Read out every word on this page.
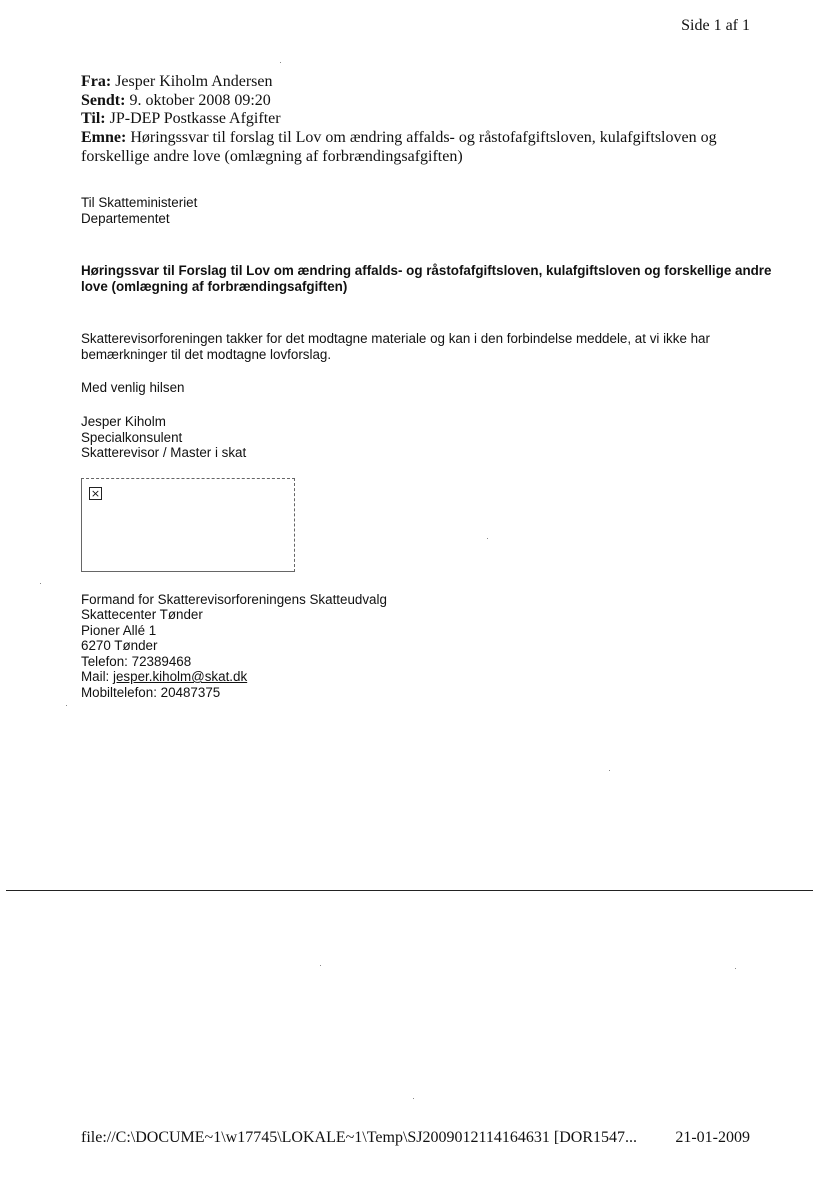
Side 1 af 1
Fra: Jesper Kiholm Andersen
Sendt: 9. oktober 2008 09:20
Til: JP-DEP Postkasse Afgifter
Emne: Høringssvar til forslag til Lov om ændring affalds- og råstofafgiftsloven, kulafgiftsloven og forskellige andre love (omlægning af forbrændingsafgiften)
Til Skatteministeriet
Departementet
Høringssvar til Forslag til Lov om ændring affalds- og råstofafgiftsloven, kulafgiftsloven og forskellige andre love (omlægning af forbrændingsafgiften)
Skatterevisorforeningen takker for det modtagne materiale og kan i den forbindelse meddele, at vi ikke har bemærkninger til det modtagne lovforslag.
Med venlig hilsen
Jesper Kiholm
Specialkonsulent
Skatterevisor / Master i skat
×
Formand for Skatterevisorforeningens Skatteudvalg
Skattecenter Tønder
Pioner Allé 1
6270 Tønder
Telefon: 72389468
Mail: jesper.kiholm@skat.dk
Mobiltelefon: 20487375
file://C:\DOCUME~1\w17745\LOKALE~1\Temp\SJ2009012114164631 [DOR1547...	21-01-2009
